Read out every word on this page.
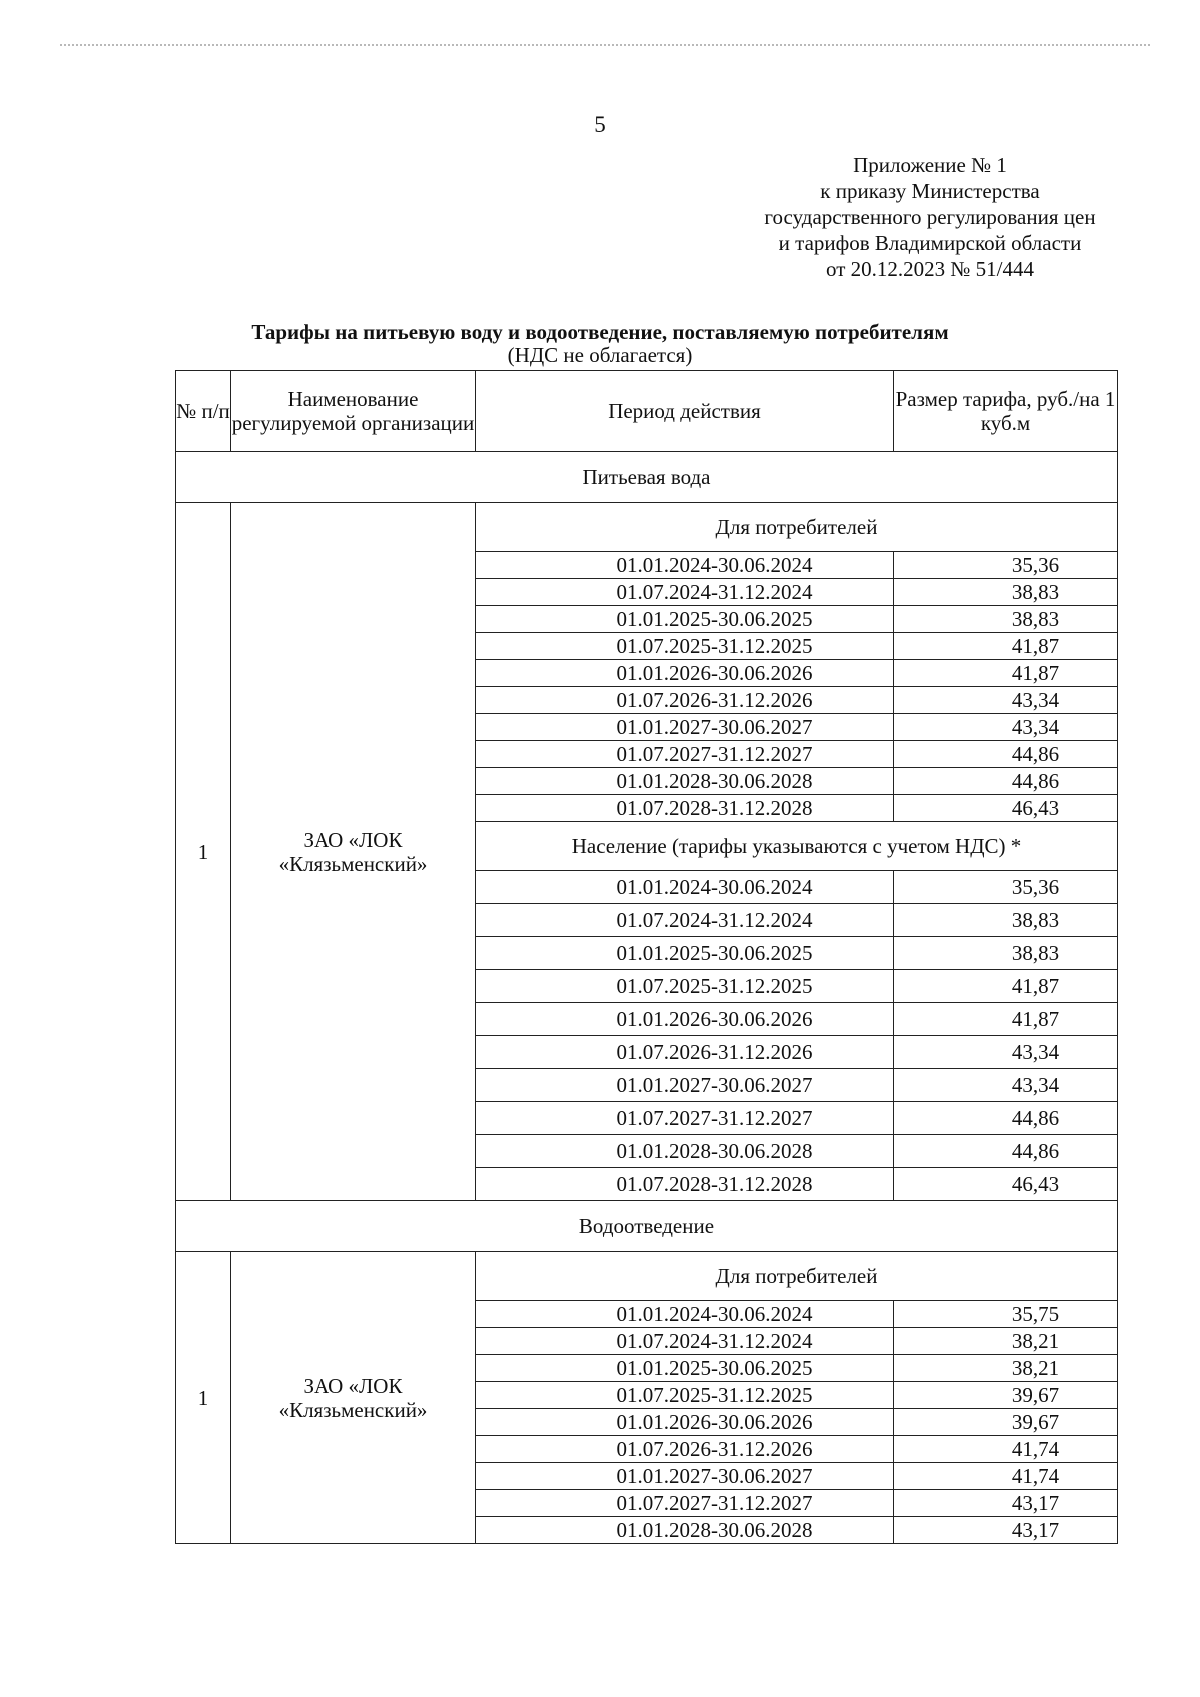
5
Приложение № 1
к приказу Министерства
государственного регулирования цен
и тарифов Владимирской области
от 20.12.2023 № 51/444
Тарифы на питьевую воду и водоотведение, поставляемую потребителям
(НДС не облагается)
№ п/п	Наименование регулируемой организации	Период действия	Размер тарифа, руб./на 1 куб.м
Питьевая вода			
1	ЗАО «ЛОК «Клязьменский»	Для потребителей	
		01.01.2024-30.06.2024	35,36
		01.07.2024-31.12.2024	38,83
		01.01.2025-30.06.2025	38,83
		01.07.2025-31.12.2025	41,87
		01.01.2026-30.06.2026	41,87
		01.07.2026-31.12.2026	43,34
		01.01.2027-30.06.2027	43,34
		01.07.2027-31.12.2027	44,86
		01.01.2028-30.06.2028	44,86
		01.07.2028-31.12.2028	46,43
		Население (тарифы указываются с учетом НДС) *	
		01.01.2024-30.06.2024	35,36
		01.07.2024-31.12.2024	38,83
		01.01.2025-30.06.2025	38,83
		01.07.2025-31.12.2025	41,87
		01.01.2026-30.06.2026	41,87
		01.07.2026-31.12.2026	43,34
		01.01.2027-30.06.2027	43,34
		01.07.2027-31.12.2027	44,86
		01.01.2028-30.06.2028	44,86
		01.07.2028-31.12.2028	46,43
Водоотведение			
1	ЗАО «ЛОК «Клязьменский»	Для потребителей	
		01.01.2024-30.06.2024	35,75
		01.07.2024-31.12.2024	38,21
		01.01.2025-30.06.2025	38,21
		01.07.2025-31.12.2025	39,67
		01.01.2026-30.06.2026	39,67
		01.07.2026-31.12.2026	41,74
		01.01.2027-30.06.2027	41,74
		01.07.2027-31.12.2027	43,17
		01.01.2028-30.06.2028	43,17
